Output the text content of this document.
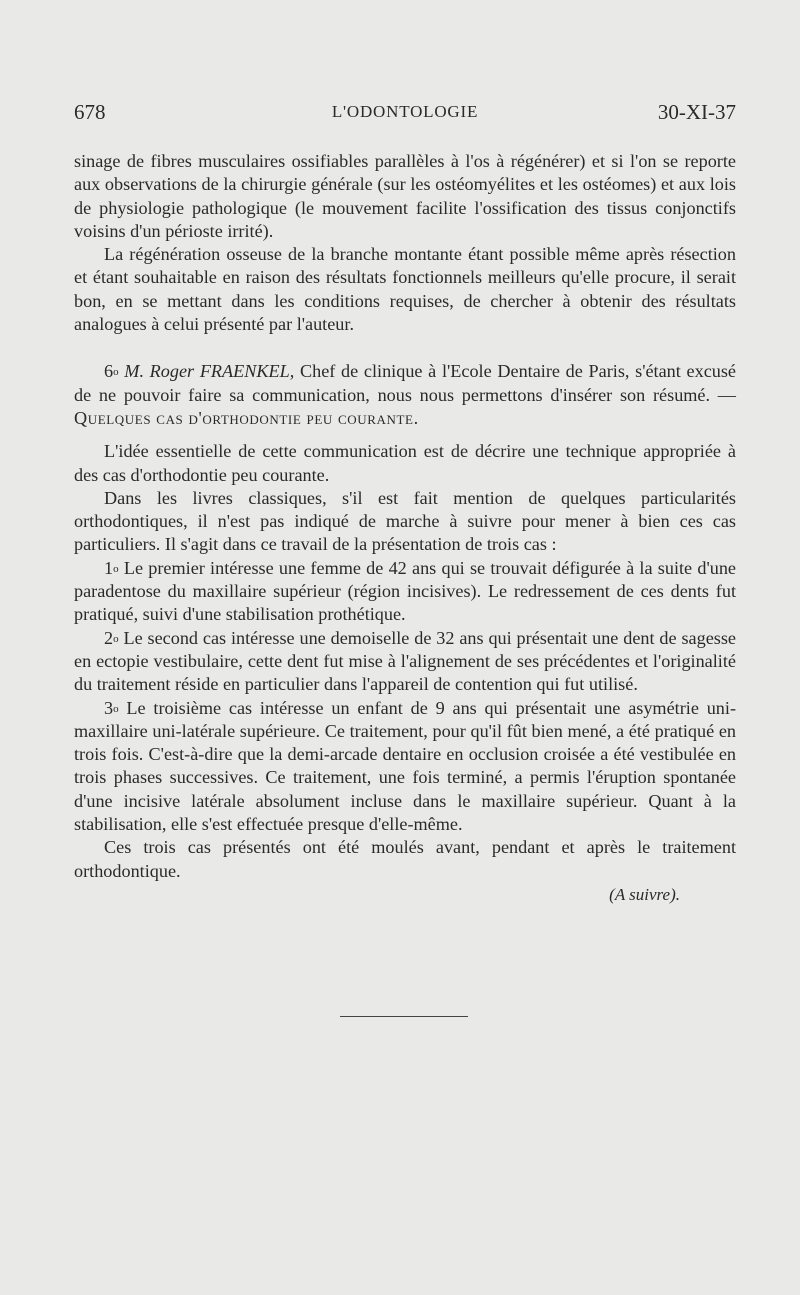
678	L'ODONTOLOGIE	30-XI-37

sinage de fibres musculaires ossifiables parallèles à l'os à régénérer) et si l'on se reporte aux observations de la chirurgie générale (sur les ostéomyélites et les ostéomes) et aux lois de physiologie pathologique (le mouvement facilite l'ossification des tissus conjonctifs voisins d'un périoste irrité).

La régénération osseuse de la branche montante étant possible même après résection et étant souhaitable en raison des résultats fonctionnels meilleurs qu'elle procure, il serait bon, en se mettant dans les conditions requises, de chercher à obtenir des résultats analogues à celui présenté par l'auteur.

6$^o$ M. Roger FRAENKEL, Chef de clinique à l'Ecole Dentaire de Paris, s'étant excusé de ne pouvoir faire sa communication, nous nous permettons d'insérer son résumé. — Quelques cas d'orthodontie peu courante.

L'idée essentielle de cette communication est de décrire une technique appropriée à des cas d'orthodontie peu courante.

Dans les livres classiques, s'il est fait mention de quelques particularités orthodontiques, il n'est pas indiqué de marche à suivre pour mener à bien ces cas particuliers. Il s'agit dans ce travail de la présentation de trois cas :

1$^o$ Le premier intéresse une femme de 42 ans qui se trouvait défigurée à la suite d'une paradentose du maxillaire supérieur (région incisives). Le redressement de ces dents fut pratiqué, suivi d'une stabilisation prothétique.

2$^o$ Le second cas intéresse une demoiselle de 32 ans qui présentait une dent de sagesse en ectopie vestibulaire, cette dent fut mise à l'alignement de ses précédentes et l'originalité du traitement réside en particulier dans l'appareil de contention qui fut utilisé.

3$^o$ Le troisième cas intéresse un enfant de 9 ans qui présentait une asymétrie uni-maxillaire uni-latérale supérieure. Ce traitement, pour qu'il fût bien mené, a été pratiqué en trois fois. C'est-à-dire que la demi-arcade dentaire en occlusion croisée a été vestibulée en trois phases successives. Ce traitement, une fois terminé, a permis l'éruption spontanée d'une incisive latérale absolument incluse dans le maxillaire supérieur. Quant à la stabilisation, elle s'est effectuée presque d'elle-même.

Ces trois cas présentés ont été moulés avant, pendant et après le traitement orthodontique.

(A suivre).
